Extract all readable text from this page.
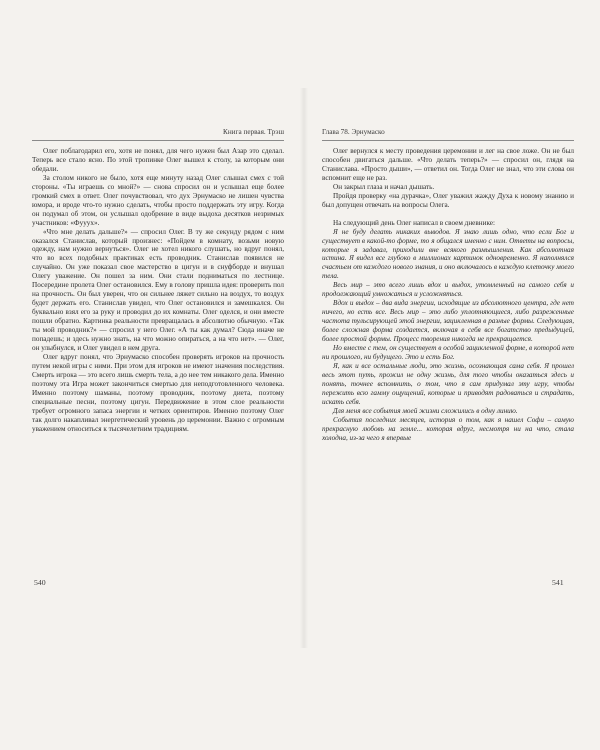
Книга первая. Трэш

Олег поблагодарил его, хотя не понял, для чего нужен был Азар это сделал. Теперь все стало ясно. По этой тропинке Олег вышел к столу, за которым они обедали.

За столом никого не было, хотя еще минуту назад Олег слышал смех с той стороны. «Ты играешь со мной?» — снова спросил он и услышал еще более громкий смех в ответ. Олег почувствовал, что дух Эрнумаско не лишен чувства юмора, и вроде что-то нужно сделать, чтобы просто поддержать эту игру. Когда он подумал об этом, он услышал одобрение в виде выдоха десятков незримых участников: «Фууух».

«Что мне делать дальше?» — спросил Олег. В ту же секунду рядом с ним оказался Станислав, который произнес: «Пойдем в комнату, возьми новую одежду, нам нужно вернуться». Олег не хотел никого слушать, но вдруг понял, что во всех подобных практиках есть проводник. Станислав появился не случайно. Он уже показал свое мастерство в цигун и в снуфборде и внушал Олегу уважение. Он пошел за ним. Они стали подниматься по лестнице. Посередине пролета Олег остановился. Ему в голову пришла идея: проверить пол на прочность. Он был уверен, что он сильнее ляжет сильно на воздух, то воздух будет держать его. Станислав увидел, что Олег остановился и замешкался. Он буквально взял его за руку и проводил до их комнаты. Олег оделся, и они вместе пошли обратно. Картинка реальности превращалась в абсолютно обычную. «Так ты мой проводник?» — спросил у него Олег. «А ты как думал? Сюда иначе не попадешь; и здесь нужно знать, на что можно опираться, а на что нет». — Олег, он улыбнулся, и Олег увидел в нем друга.

Олег вдруг понял, что Эрнумаско способен проверять игроков на прочность путем некой игры с ними. При этом для игроков не имеют значения последствия. Смерть игрока — это всего лишь смерть тела, а до нее тем никакого дела. Именно поэтому эта Игра может закончиться смертью для неподготовленного человека. Именно поэтому шаманы, поэтому проводник, поэтому диета, поэтому специальные песни, поэтому цигун. Передвижение в этом слое реальности требует огромного запаса энергии и четких ориентиров. Именно поэтому Олег так долго накапливал энергетический уровень до церемонии. Важно с огромным уважением относиться к тысячелетним традициям.

Глава 78. Эрнумаско

Олег вернулся к месту проведения церемонии и лег на свое ложе. Он не был способен двигаться дальше. «Что делать теперь?» — спросил он, глядя на Станислава. «Просто дыши», — ответил он. Тогда Олег не знал, что эти слова он вспомнит еще не раз.

Он закрыл глаза и начал дышать.

Пройдя проверку «на дурачка», Олег уважил жажду Духа к новому знанию и был допущен отвечать на вопросы Олега.

На следующий день Олег написал в своем дневнике:

Я не буду делать никаких выводов. Я знаю лишь одно, что если Бог и существует в какой-то форме, то я общался именно с ним. Ответы на вопросы, которые я задавал, приходили вне всякого размышления. Как абсолютная истина. Я видел все глубоко в миллионах картинок одновременно. Я наполнялся счастьем от каждого нового знания, и оно включалось в каждую клеточку моего тела.

Весь мир – это всего лишь вдох и выдох, утомленный на самого себя и продолжающий умножаться и усложняться.

Вдох и выдох – два вида энергии, исходящие из абсолютного центра, где нет ничего, но есть все. Весь мир – это либо уплотняющиеся, либо разреженные частота тульсирующей этой энергии, зацикленная в разные формы. Следующая, более сложная форма создается, включая в себя все богатство предыдущей, более простой формы. Процесс творения никогда не прекращается.

Но вместе с тем, он существует в особой зацикленной форме, в которой нет ни прошлого, ни будущего. Это и есть Бог.

Я, как и все остальные люди, это жизнь, осознающая сама себя. Я прошел весь этот путь, прожил не одну жизнь, для того чтобы оказаться здесь и понять, точнее вспомнить, о том, что я сам придумал эту игру, чтобы пережить всю гамму ощущений, которые и приводят радоваться и страдать, искать себя.

Для меня все события моей жизни сложились в одну линию.

События последних месяцев, история о том, как я нашел Софи – самую прекрасную любовь на земле... которая вдруг, несмотря ни на что, стала холодна, из-за чего я впервые

540	541
